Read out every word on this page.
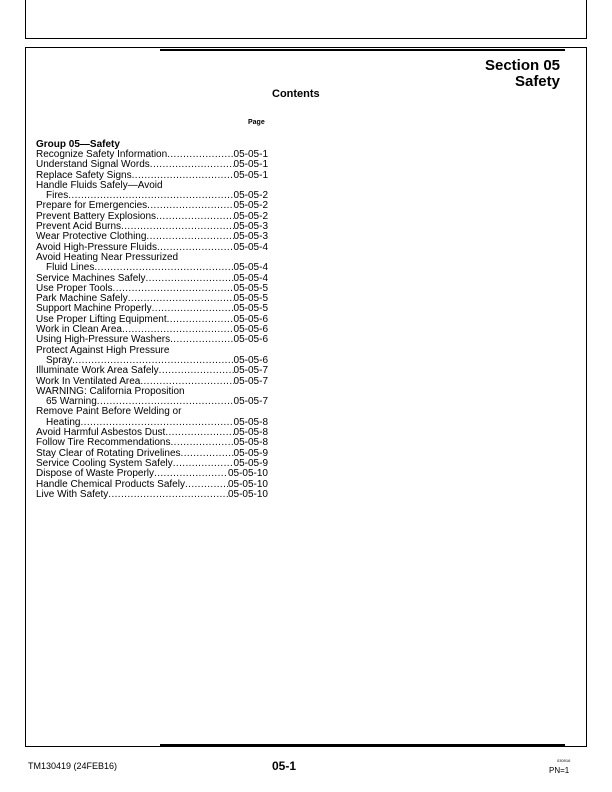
Section 05
Safety
Contents
Page
Group 05—Safety
Recognize Safety Information .....	05-05-1
Understand Signal Words .....	05-05-1
Replace Safety Signs .....	05-05-1
Handle Fluids Safely—Avoid
Fires .....	05-05-2
Prepare for Emergencies .....	05-05-2
Prevent Battery Explosions .....	05-05-2
Prevent Acid Burns .....	05-05-3
Wear Protective Clothing .....	05-05-3
Avoid High-Pressure Fluids .....	05-05-4
Avoid Heating Near Pressurized
Fluid Lines .....	05-05-4
Service Machines Safely .....	05-05-4
Use Proper Tools .....	05-05-5
Park Machine Safely .....	05-05-5
Support Machine Properly .....	05-05-5
Use Proper Lifting Equipment .....	05-05-6
Work in Clean Area .....	05-05-6
Using High-Pressure Washers .....	05-05-6
Protect Against High Pressure
Spray .....	05-05-6
Illuminate Work Area Safely .....	05-05-7
Work In Ventilated Area .....	05-05-7
WARNING: California Proposition
65 Warning .....	05-05-7
Remove Paint Before Welding or
Heating .....	05-05-8
Avoid Harmful Asbestos Dust .....	05-05-8
Follow Tire Recommendations .....	05-05-8
Stay Clear of Rotating Drivelines .....	05-05-9
Service Cooling System Safely .....	05-05-9
Dispose of Waste Properly .....	05-05-10
Handle Chemical Products Safely .....	05-05-10
Live With Safety .....	05-05-10
TM130419 (24FEB16)	05-1	030916
PN=1
